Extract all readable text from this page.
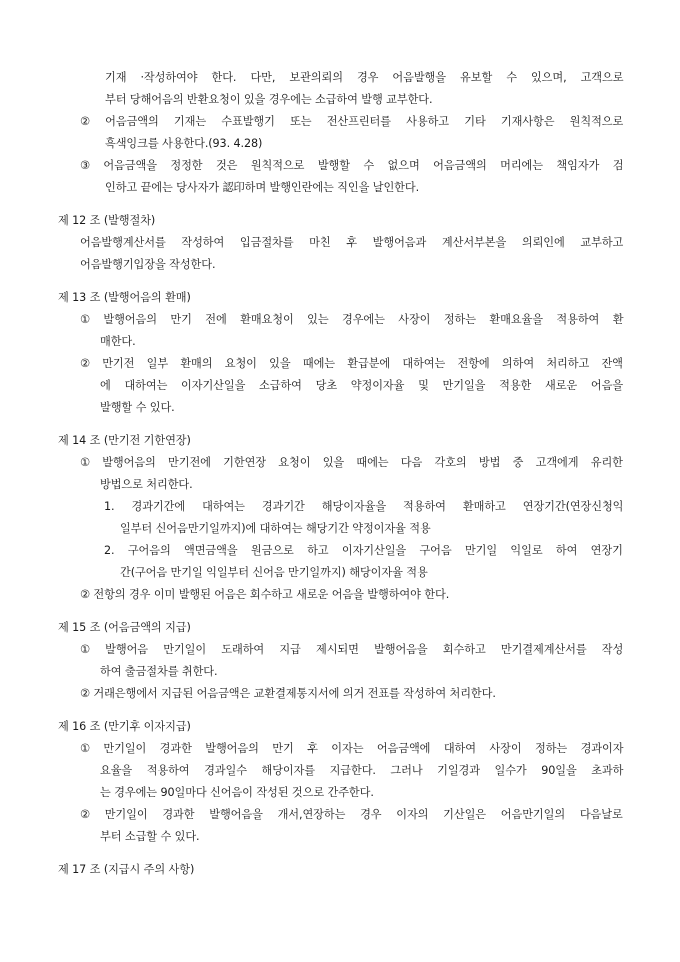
기재 ·작성하여야 한다. 다만, 보관의뢰의 경우 어음발행을 유보할 수 있으며, 고객으로
부터 당해어음의 반환요청이 있을 경우에는 소급하여 발행 교부한다.
② 어음금액의 기재는 수표발행기 또는 전산프린터를 사용하고 기타 기재사항은 원칙적으로
흑색잉크를 사용한다.(93. 4.28)
③ 어음금액을 정정한 것은 원칙적으로 발행할 수 없으며 어음금액의 머리에는 책임자가 검
인하고 끝에는 당사자가 認印하며 발행인란에는 직인을 날인한다.
제 12 조 (발행절차)
어음발행계산서를 작성하여 입금절차를 마친 후 발행어음과 계산서부본을 의뢰인에 교부하고
어음발행기입장을 작성한다.
제 13 조 (발행어음의 환매)
① 발행어음의 만기 전에 환매요청이 있는 경우에는 사장이 정하는 환매요율을 적용하여 환
매한다.
② 만기전 일부 환매의 요청이 있을 때에는 환급분에 대하여는 전항에 의하여 처리하고 잔액
에 대하여는 이자기산일을 소급하여 당초 약정이자율 및 만기일을 적용한 새로운 어음을
발행할 수 있다.
제 14 조 (만기전 기한연장)
① 발행어음의 만기전에 기한연장 요청이 있을 때에는 다음 각호의 방법 중 고객에게 유리한
방법으로 처리한다.
1. 경과기간에 대하여는 경과기간 해당이자율을 적용하여 환매하고 연장기간(연장신청익
일부터 신어음만기일까지)에 대하여는 해당기간 약정이자율 적용
2. 구어음의 액면금액을 원금으로 하고 이자기산일을 구어음 만기일 익일로 하여 연장기
간(구어음 만기일 익일부터 신어음 만기일까지) 해당이자율 적용
② 전항의 경우 이미 발행된 어음은 회수하고 새로운 어음을 발행하여야 한다.
제 15 조 (어음금액의 지급)
① 발행어음 만기일이 도래하여 지급 제시되면 발행어음을 회수하고 만기결제계산서를 작성
하여 출금절차를 취한다.
② 거래은행에서 지급된 어음금액은 교환결제통지서에 의거 전표를 작성하여 처리한다.
제 16 조 (만기후 이자지급)
① 만기일이 경과한 발행어음의 만기 후 이자는 어음금액에 대하여 사장이 정하는 경과이자
요율을 적용하여 경과일수 해당이자를 지급한다. 그러나 기일경과 일수가 90일을 초과하
는 경우에는 90일마다 신어음이 작성된 것으로 간주한다.
② 만기일이 경과한 발행어음을 개서,연장하는 경우 이자의 기산일은 어음만기일의 다음날로
부터 소급할 수 있다.
제 17 조 (지급시 주의 사항)
